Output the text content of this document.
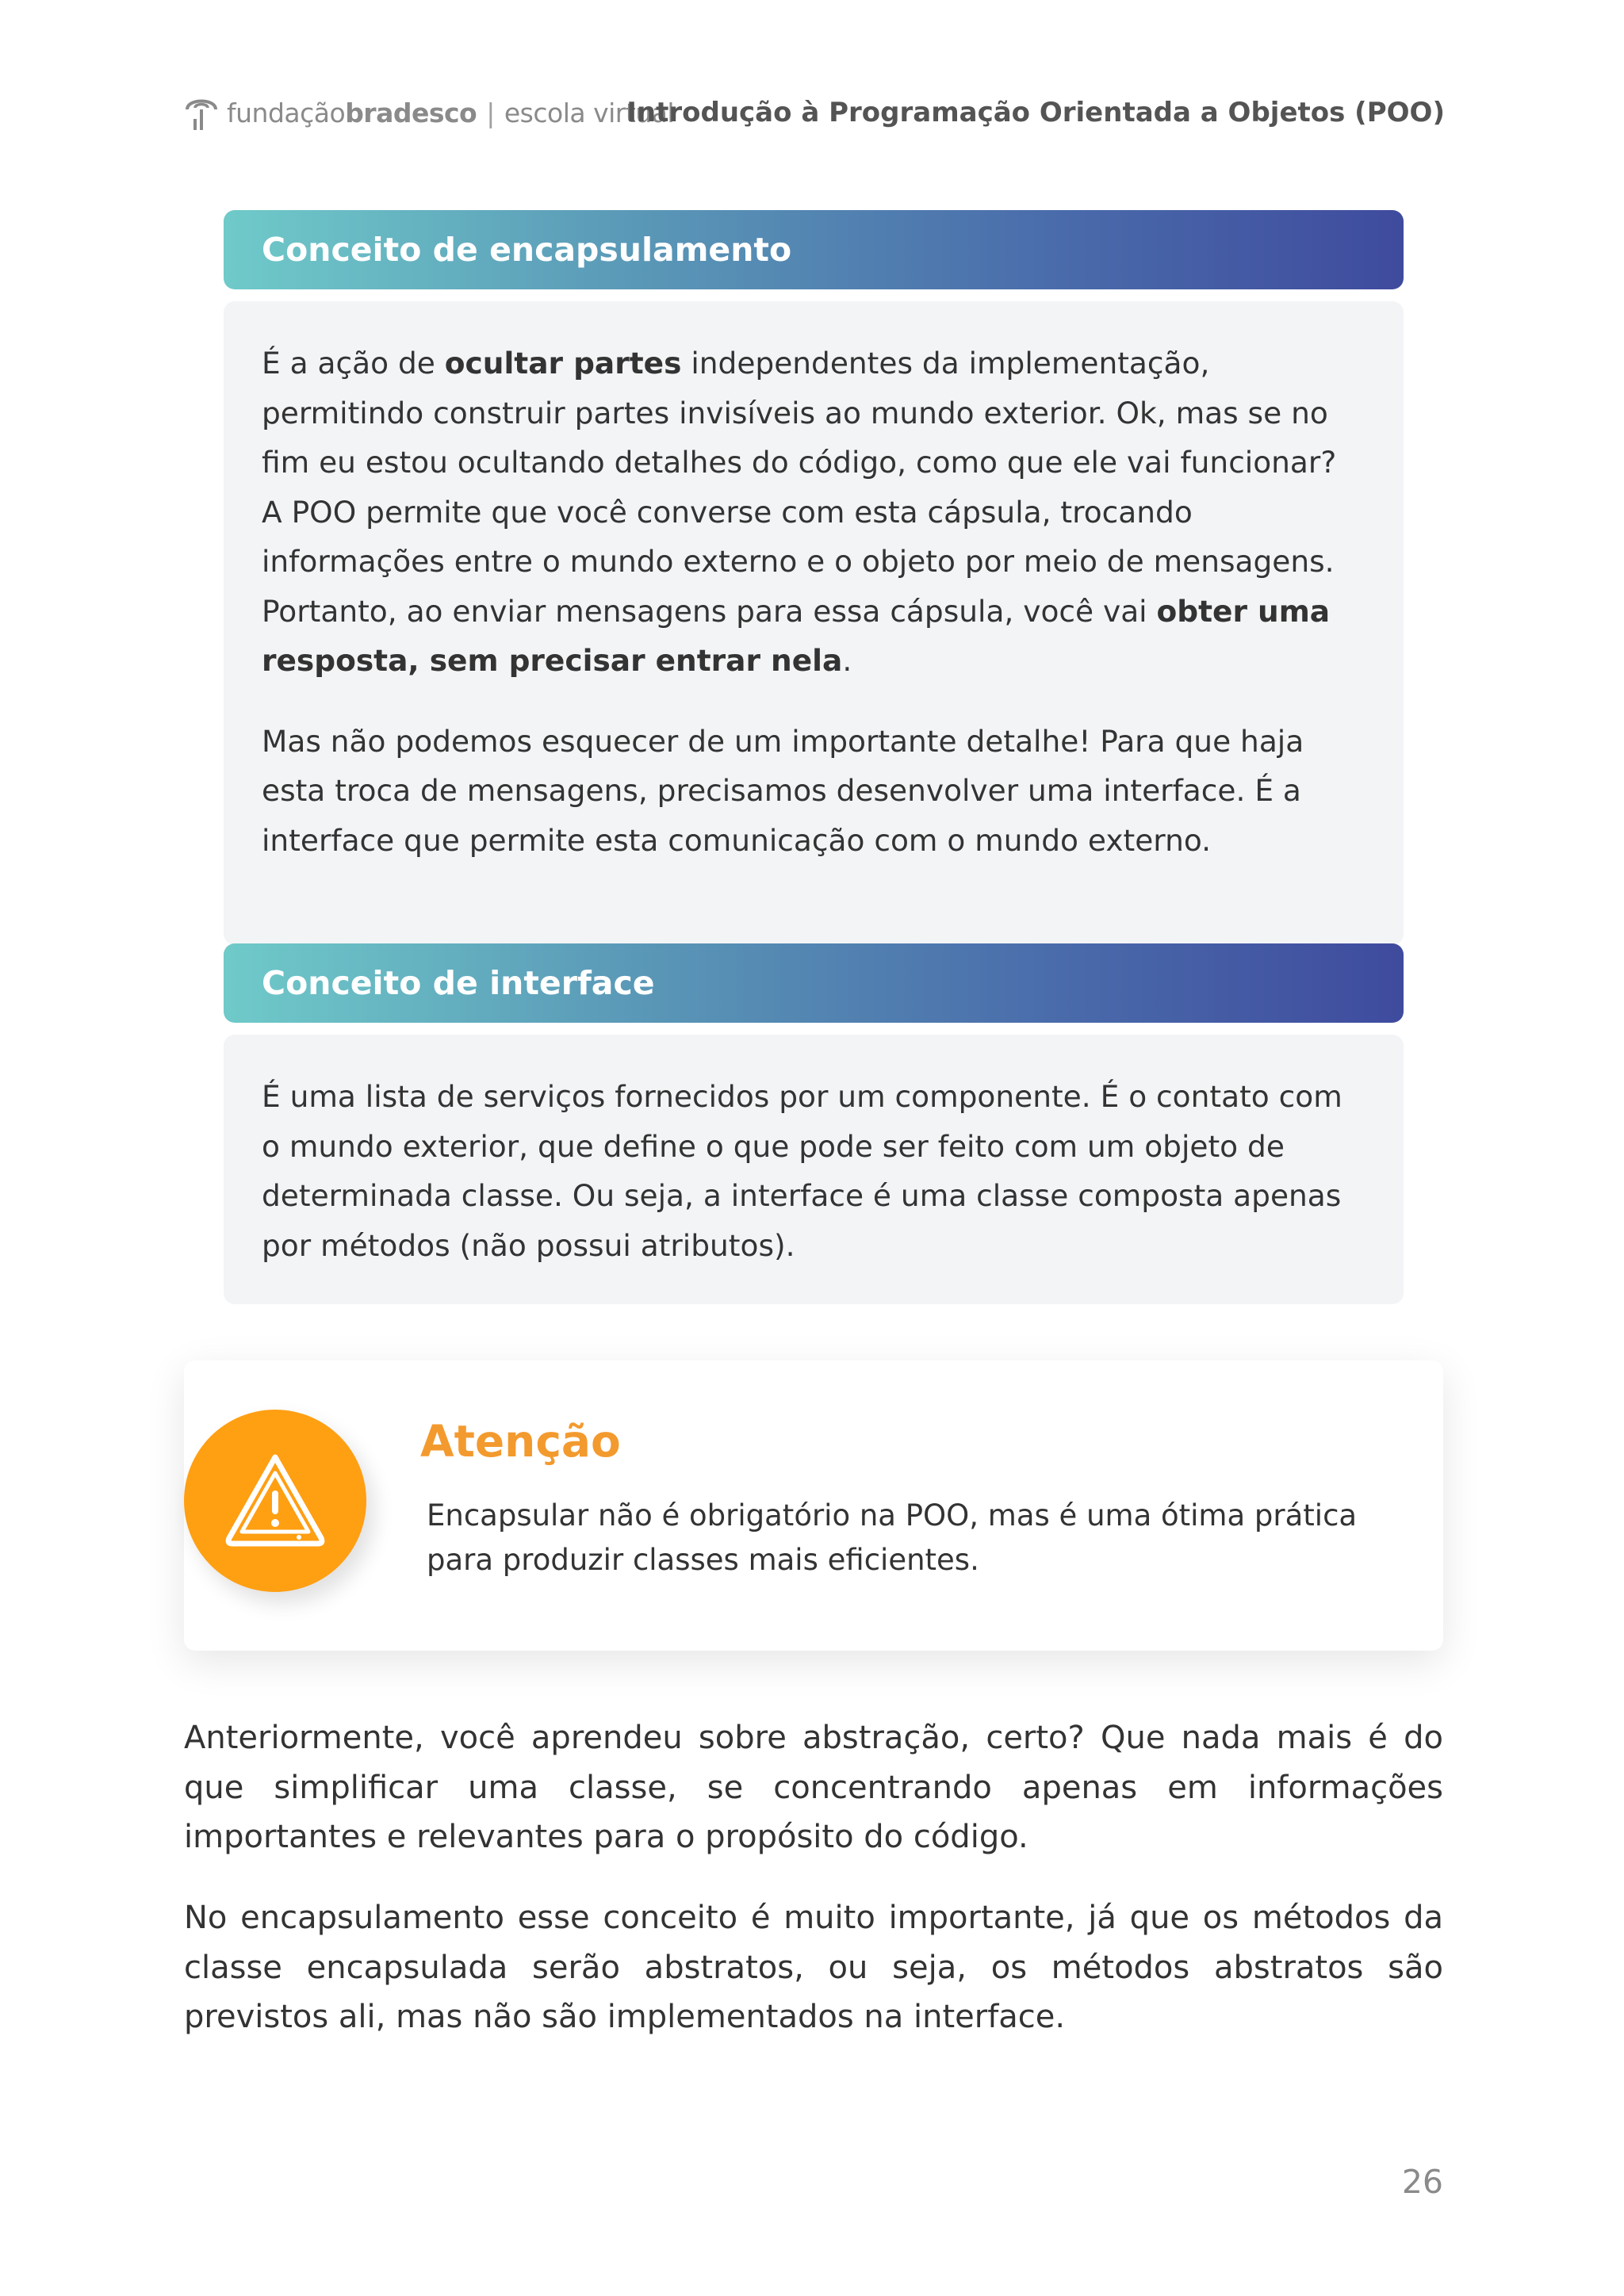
fundaçãobradesco | escola virtual
Introdução à Programação Orientada a Objetos (POO)
Conceito de encapsulamento

É a ação de ocultar partes independentes da implementação, permitindo construir partes invisíveis ao mundo exterior. Ok, mas se no fim eu estou ocultando detalhes do código, como que ele vai funcionar? A POO permite que você converse com esta cápsula, trocando informações entre o mundo externo e o objeto por meio de mensagens. Portanto, ao enviar mensagens para essa cápsula, você vai obter uma resposta, sem precisar entrar nela.

Mas não podemos esquecer de um importante detalhe! Para que haja esta troca de mensagens, precisamos desenvolver uma interface. É a interface que permite esta comunicação com o mundo externo.

Conceito de interface

É uma lista de serviços fornecidos por um componente. É o contato com o mundo exterior, que define o que pode ser feito com um objeto de determinada classe. Ou seja, a interface é uma classe composta apenas por métodos (não possui atributos).

Atenção

Encapsular não é obrigatório na POO, mas é uma ótima prática para produzir classes mais eficientes.

Anteriormente, você aprendeu sobre abstração, certo? Que nada mais é do que simplificar uma classe, se concentrando apenas em informações importantes e relevantes para o propósito do código.

No encapsulamento esse conceito é muito importante, já que os métodos da classe encapsulada serão abstratos, ou seja, os métodos abstratos são previstos ali, mas não são implementados na interface.

26
